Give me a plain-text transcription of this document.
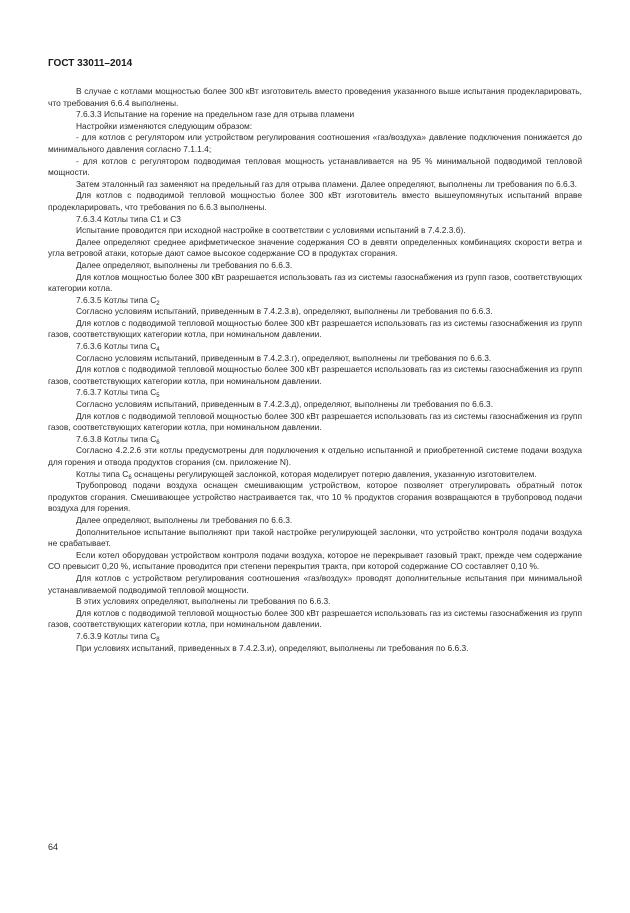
ГОСТ 33011–2014

В случае с котлами мощностью более 300 кВт изготовитель вместо проведения указанного выше испытания продекларировать, что требования 6.6.4 выполнены.

7.6.3.3 Испытание на горение на предельном газе для отрыва пламени

Настройки изменяются следующим образом:

- для котлов с регулятором или устройством регулирования соотношения «газ/воздуха» давление подключения понижается до минимального давления согласно 7.1.1.4;

- для котлов с регулятором подводимая тепловая мощность устанавливается на 95 % минимальной подводимой тепловой мощности.

Затем эталонный газ заменяют на предельный газ для отрыва пламени. Далее определяют, выполнены ли требования по 6.6.3.

Для котлов с подводимой тепловой мощностью более 300 кВт изготовитель вместо вышеупомянутых испытаний вправе продекларировать, что требования по 6.6.3 выполнены.

7.6.3.4 Котлы типа С1 и С3

Испытание проводится при исходной настройке в соответствии с условиями испытаний в 7.4.2.3.б).

Далее определяют среднее арифметическое значение содержания СО в девяти определенных комбинациях скорости ветра и угла ветровой атаки, которые дают самое высокое содержание СО в продуктах сгорания.

Далее определяют, выполнены ли требования по 6.6.3.

Для котлов мощностью более 300 кВт разрешается использовать газ из системы газоснабжения из групп газов, соответствующих категории котла.

7.6.3.5 Котлы типа $С_2$

Согласно условиям испытаний, приведенным в 7.4.2.3.в), определяют, выполнены ли требования по 6.6.3.

Для котлов с подводимой тепловой мощностью более 300 кВт разрешается использовать газ из системы газоснабжения из групп газов, соответствующих категории котла, при номинальном давлении.

7.6.3.6 Котлы типа $С_4$

Согласно условиям испытаний, приведенным в 7.4.2.3.г), определяют, выполнены ли требования по 6.6.3.

Для котлов с подводимой тепловой мощностью более 300 кВт разрешается использовать газ из системы газоснабжения из групп газов, соответствующих категории котла, при номинальном давлении.

7.6.3.7 Котлы типа $С_5$

Согласно условиям испытаний, приведенным в 7.4.2.3.д), определяют, выполнены ли требования по 6.6.3.

Для котлов с подводимой тепловой мощностью более 300 кВт разрешается использовать газ из системы газоснабжения из групп газов, соответствующих категории котла, при номинальном давлении.

7.6.3.8 Котлы типа $С_6$

Согласно 4.2.2.6 эти котлы предусмотрены для подключения к отдельно испытанной и приобретенной системе подачи воздуха для горения и отвода продуктов сгорания (см. приложение N).

Котлы типа $С_6$ оснащены регулирующей заслонкой, которая моделирует потерю давления, указанную изготовителем.

Трубопровод подачи воздуха оснащен смешивающим устройством, которое позволяет отрегулировать обратный поток продуктов сгорания. Смешивающее устройство настраивается так, что 10 % продуктов сгорания возвращаются в трубопровод подачи воздуха для горения.

Далее определяют, выполнены ли требования по 6.6.3.

Дополнительное испытание выполняют при такой настройке регулирующей заслонки, что устройство контроля подачи воздуха не срабатывает.

Если котел оборудован устройством контроля подачи воздуха, которое не перекрывает газовый тракт, прежде чем содержание СО превысит 0,20 %, испытание проводится при степени перекрытия тракта, при которой содержание СО составляет 0,10 %.

Для котлов с устройством регулирования соотношения «газ/воздух» проводят дополнительные испытания при минимальной устанавливаемой подводимой тепловой мощности.

В этих условиях определяют, выполнены ли требования по 6.6.3.

Для котлов с подводимой тепловой мощностью более 300 кВт разрешается использовать газ из системы газоснабжения из групп газов, соответствующих категории котла, при номинальном давлении.

7.6.3.9 Котлы типа $С_8$

При условиях испытаний, приведенных в 7.4.2.3.и), определяют, выполнены ли требования по 6.6.3.

64
